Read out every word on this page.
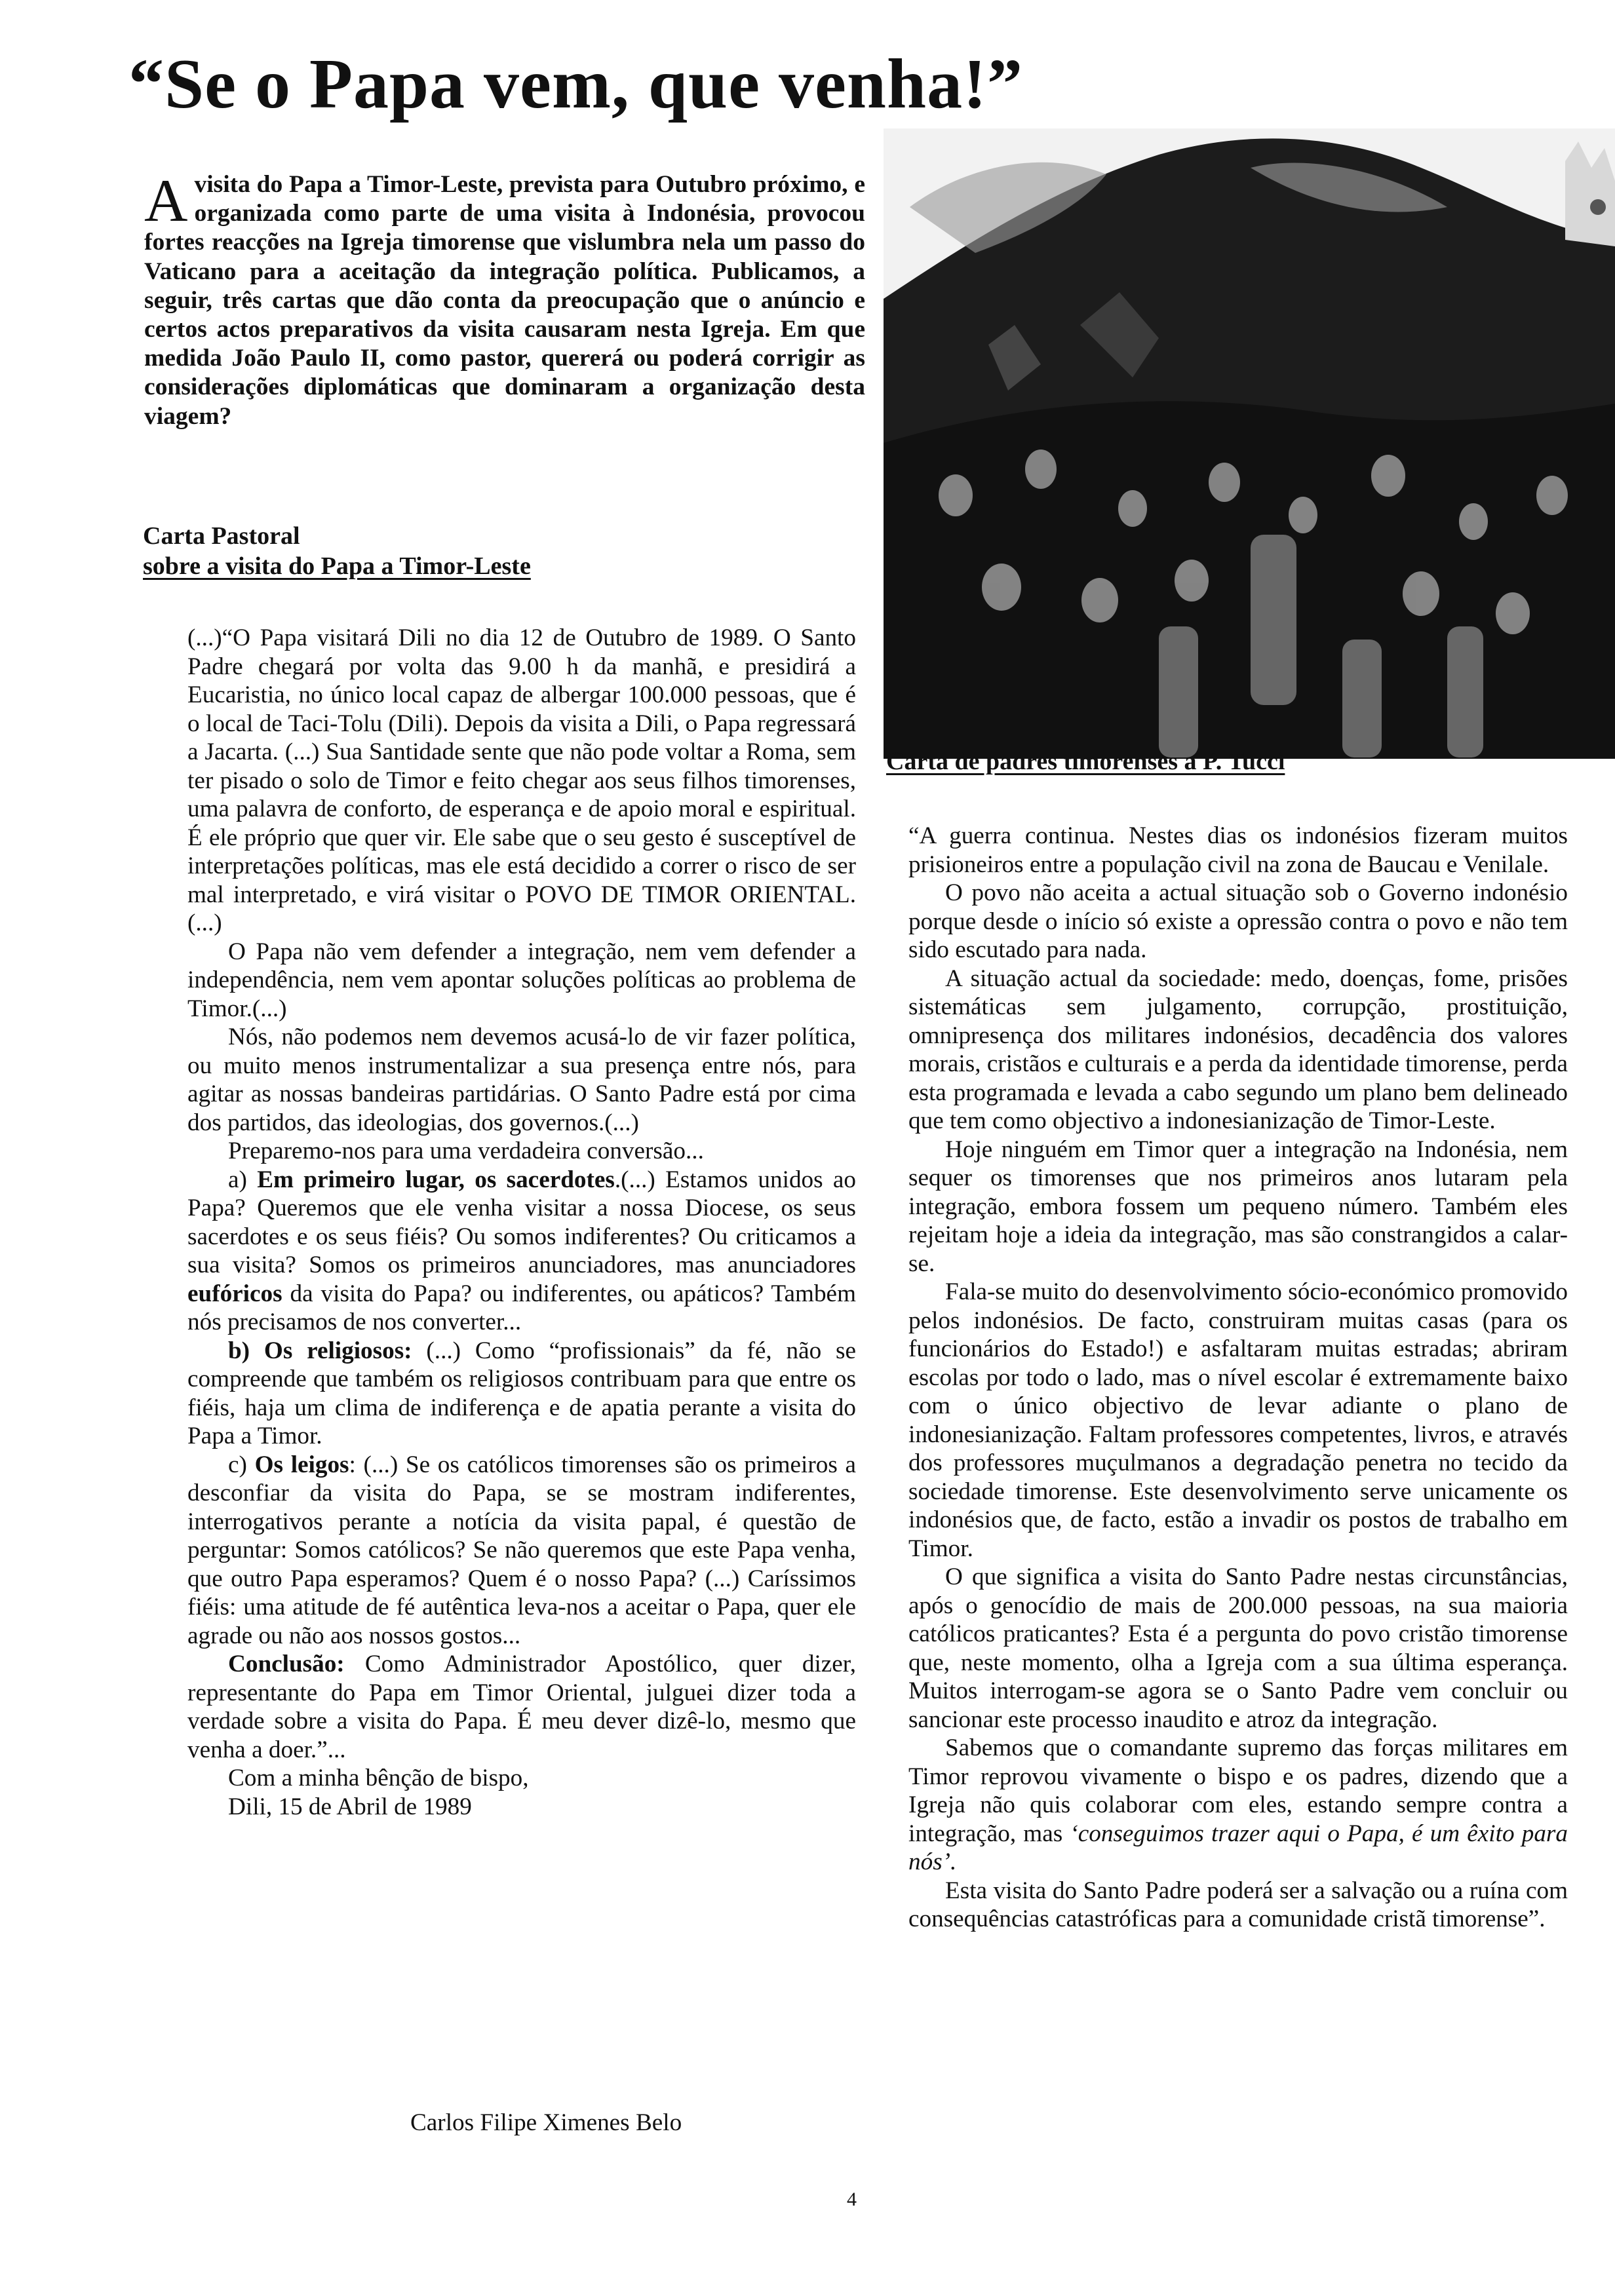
“Se o Papa vem, que venha!”

Avisita do Papa a Timor-Leste, prevista para Outubro próximo, e organizada como parte de uma visita à Indonésia, provocou fortes reacções na Igreja timorense que vislumbra nela um passo do Vaticano para a aceitação da integração política. Publicamos, a seguir, três cartas que dão conta da preocupação que o anúncio e certos actos preparativos da visita causaram nesta Igreja. Em que medida João Paulo II, como pastor, quererá ou poderá corrigir as considerações diplomáticas que dominaram a organização desta viagem?

Carta Pastoral
sobre a visita do Papa a Timor-Leste

(...)“O Papa visitará Dili no dia 12 de Outubro de 1989. O Santo Padre chegará por volta das 9.00 h da manhã, e presidirá a Eucaristia, no único local capaz de albergar 100.000 pessoas, que é o local de Taci-Tolu (Dili). Depois da visita a Dili, o Papa regressará a Jacarta. (...) Sua Santidade sente que não pode voltar a Roma, sem ter pisado o solo de Timor e feito chegar aos seus filhos timorenses, uma palavra de conforto, de esperança e de apoio moral e espiritual. É ele próprio que quer vir. Ele sabe que o seu gesto é susceptível de interpretações políticas, mas ele está decidido a correr o risco de ser mal interpretado, e virá visitar o POVO DE TIMOR ORIENTAL.(...)

O Papa não vem defender a integração, nem vem defender a independência, nem vem apontar soluções políticas ao problema de Timor.(...)

Nós, não podemos nem devemos acusá-lo de vir fazer política, ou muito menos instrumentalizar a sua presença entre nós, para agitar as nossas bandeiras partidárias. O Santo Padre está por cima dos partidos, das ideologias, dos governos.(...)

Preparemo-nos para uma verdadeira conversão...

a) Em primeiro lugar, os sacerdotes.(...) Estamos unidos ao Papa? Queremos que ele venha visitar a nossa Diocese, os seus sacerdotes e os seus fiéis? Ou somos indiferentes? Ou criticamos a sua visita? Somos os primeiros anunciadores, mas anunciadores eufóricos da visita do Papa? ou indiferentes, ou apáticos? Também nós precisamos de nos converter...

b) Os religiosos: (...) Como “profissionais” da fé, não se compreende que também os religiosos contribuam para que entre os fiéis, haja um clima de indiferença e de apatia perante a visita do Papa a Timor.

c) Os leigos: (...) Se os católicos timorenses são os primeiros a desconfiar da visita do Papa, se se mostram indiferentes, interrogativos perante a notícia da visita papal, é questão de perguntar: Somos católicos? Se não queremos que este Papa venha, que outro Papa esperamos? Quem é o nosso Papa? (...) Caríssimos fiéis: uma atitude de fé autêntica leva-nos a aceitar o Papa, quer ele agrade ou não aos nossos gostos...

Conclusão: Como Administrador Apostólico, quer dizer, representante do Papa em Timor Oriental, julguei dizer toda a verdade sobre a visita do Papa. É meu dever dizê-lo, mesmo que venha a doer.”...

Com a minha bênção de bispo,

Dili, 15 de Abril de 1989

Carlos Filipe Ximenes Belo
Carta de padres timorenses a P. Tucci

“A guerra continua. Nestes dias os indonésios fizeram muitos prisioneiros entre a população civil na zona de Baucau e Venilale.

O povo não aceita a actual situação sob o Governo indonésio porque desde o início só existe a opressão contra o povo e não tem sido escutado para nada.

A situação actual da sociedade: medo, doenças, fome, prisões sistemáticas sem julgamento, corrupção, prostituição, omnipresença dos militares indonésios, decadência dos valores morais, cristãos e culturais e a perda da identidade timorense, perda esta programada e levada a cabo segundo um plano bem delineado que tem como objectivo a indonesianização de Timor-Leste.

Hoje ninguém em Timor quer a integração na Indonésia, nem sequer os timorenses que nos primeiros anos lutaram pela integração, embora fossem um pequeno número. Também eles rejeitam hoje a ideia da integração, mas são constrangidos a calar-se.

Fala-se muito do desenvolvimento sócio-económico promovido pelos indonésios. De facto, construiram muitas casas (para os funcionários do Estado!) e asfaltaram muitas estradas; abriram escolas por todo o lado, mas o nível escolar é extremamente baixo com o único objectivo de levar adiante o plano de indonesianização. Faltam professores competentes, livros, e através dos professores muçulmanos a degradação penetra no tecido da sociedade timorense. Este desenvolvimento serve unicamente os indonésios que, de facto, estão a invadir os postos de trabalho em Timor.

O que significa a visita do Santo Padre nestas circunstâncias, após o genocídio de mais de 200.000 pessoas, na sua maioria católicos praticantes? Esta é a pergunta do povo cristão timorense que, neste momento, olha a Igreja com a sua última esperança. Muitos interrogam-se agora se o Santo Padre vem concluir ou sancionar este processo inaudito e atroz da integração.

Sabemos que o comandante supremo das forças militares em Timor reprovou vivamente o bispo e os padres, dizendo que a Igreja não quis colaborar com eles, estando sempre contra a integração, mas ‘conseguimos trazer aqui o Papa, é um êxito para nós’.

Esta visita do Santo Padre poderá ser a salvação ou a ruína com consequências catastróficas para a comunidade cristã timorense”.

4
